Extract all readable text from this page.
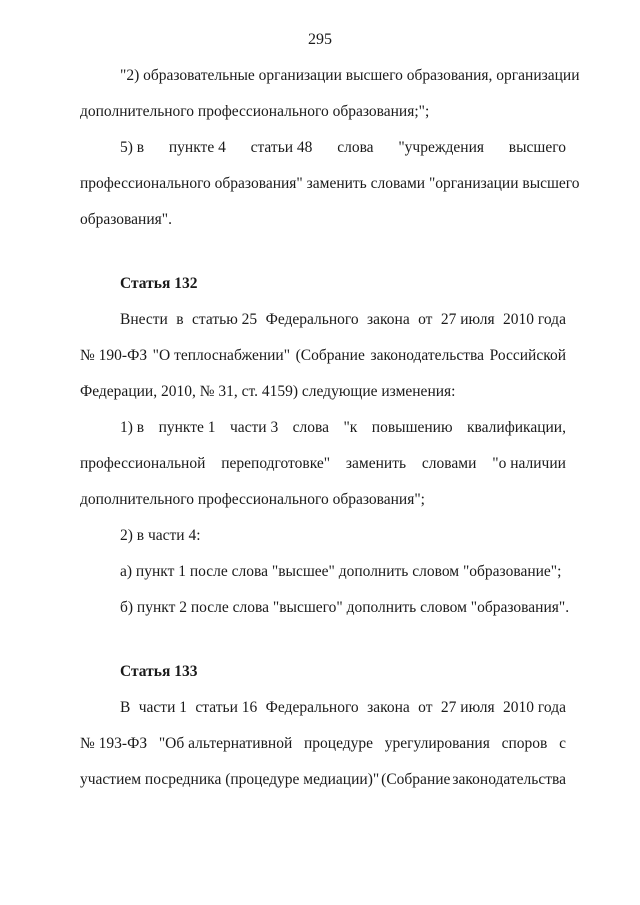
295
"2) образовательные организации высшего образования, организации
дополнительного профессионального образования;";
5) в пункте 4 статьи 48 слова "учреждения высшего
профессионального образования" заменить словами "организации высшего
образования".
Статья 132
Внести в статью 25 Федерального закона от 27 июля 2010 года
№ 190-ФЗ "О теплоснабжении" (Собрание законодательства Российской
Федерации, 2010, № 31, ст. 4159) следующие изменения:
1) в пункте 1 части 3 слова "к повышению квалификации,
профессиональной переподготовке" заменить словами "о наличии
дополнительного профессионального образования";
2) в части 4:
а) пункт 1 после слова "высшее" дополнить словом "образование";
б) пункт 2 после слова "высшего" дополнить словом "образования".
Статья 133
В части 1 статьи 16 Федерального закона от 27 июля 2010 года
№ 193-ФЗ "Об альтернативной процедуре урегулирования споров с
участием посредника (процедуре медиации)" (Собрание законодательства
